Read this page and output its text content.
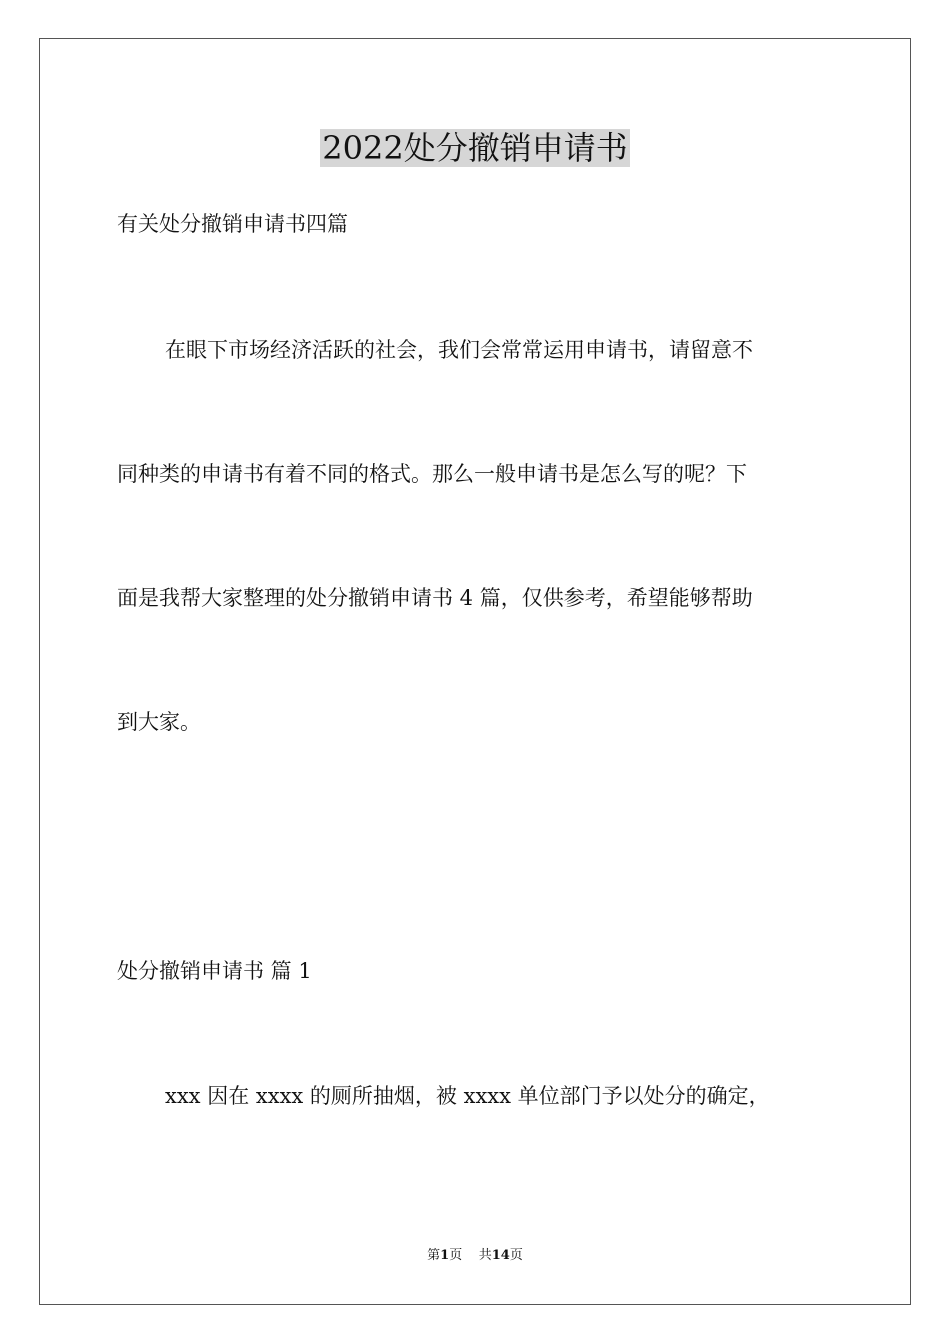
2022处分撤销申请书
有关处分撤销申请书四篇
在眼下市场经济活跃的社会，我们会常常运用申请书，请留意不
同种类的申请书有着不同的格式。那么一般申请书是怎么写的呢？下
面是我帮大家整理的处分撤销申请书 4 篇，仅供参考，希望能够帮助
到大家。
处分撤销申请书 篇 1
xxx 因在 xxxx 的厕所抽烟，被 xxxx 单位部门予以处分的确定，
第1页 共14页
